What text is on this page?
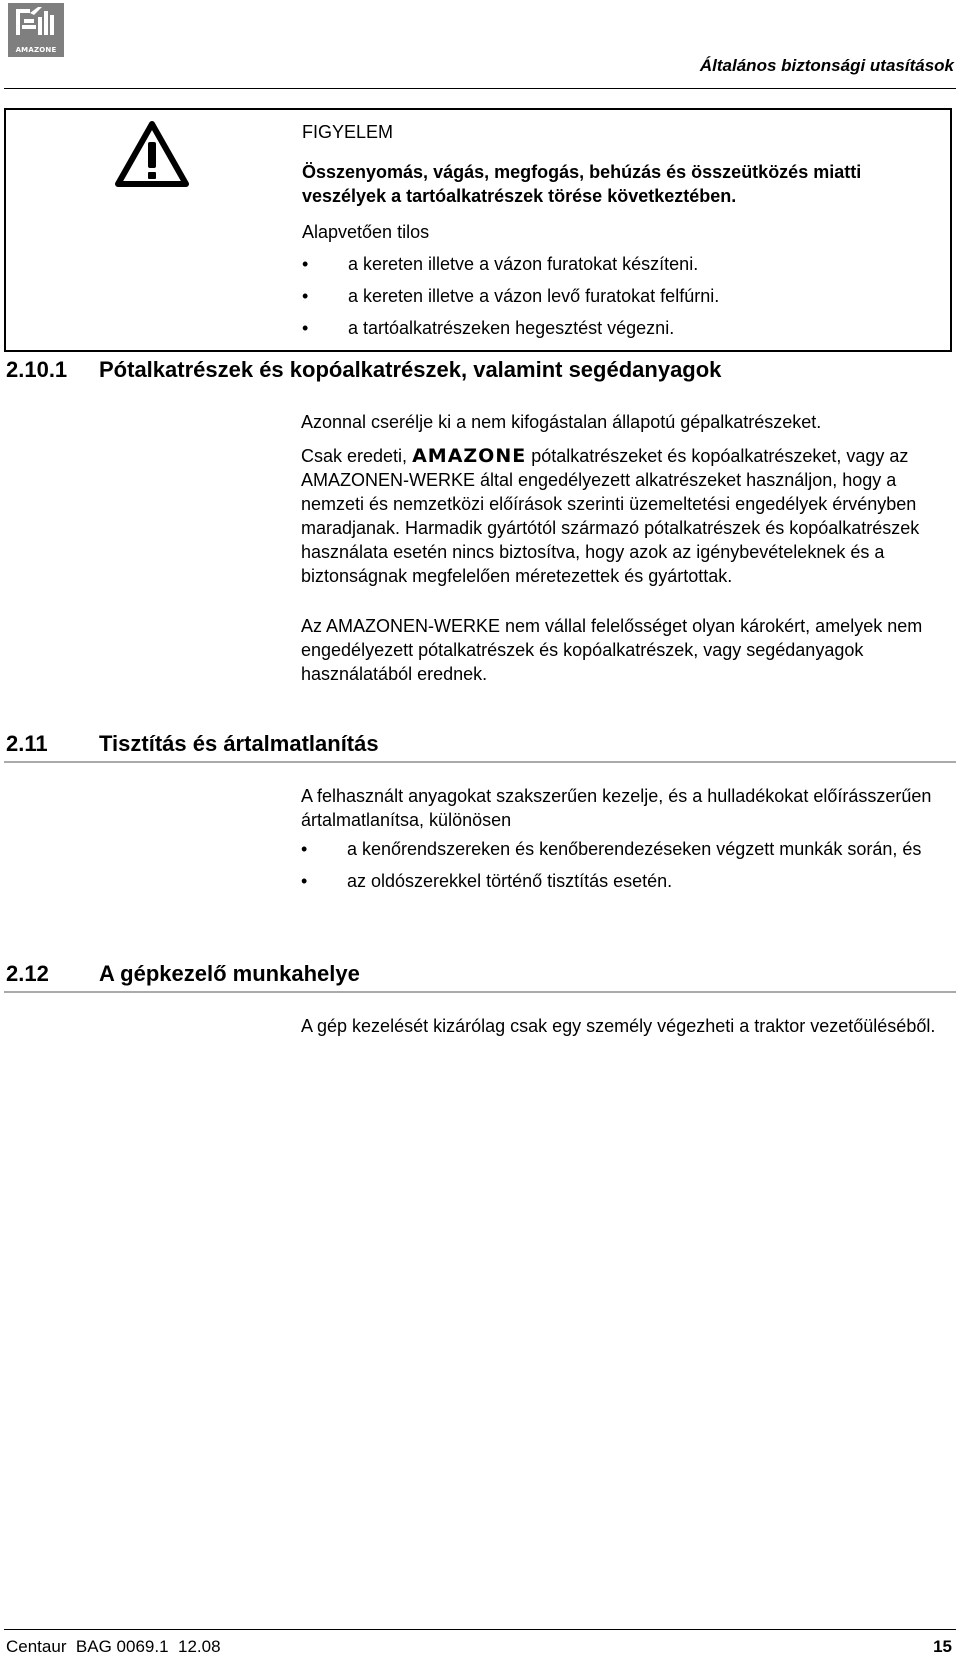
AMAZONE
Általános biztonsági utasítások
FIGYELEM
Összenyomás, vágás, megfogás, behúzás és összeütközés miatti veszélyek a tartóalkatrészek törése következtében.
Alapvetően tilos
• a kereten illetve a vázon furatokat készíteni.
• a kereten illetve a vázon levő furatokat felfúrni.
• a tartóalkatrészeken hegesztést végezni.
2.10.1 Pótalkatrészek és kopóalkatrészek, valamint segédanyagok

Azonnal cserélje ki a nem kifogástalan állapotú gépalkatrészeket.

Csak eredeti, AMAZONE pótalkatrészeket és kopóalkatrészeket, vagy az AMAZONEN-WERKE által engedélyezett alkatrészeket használjon, hogy a nemzeti és nemzetközi előírások szerinti üzemeltetési engedélyek érvényben maradjanak. Harmadik gyártótól származó pótalkatrészek és kopóalkatrészek használata esetén nincs biztosítva, hogy azok az igénybevételeknek és a biztonságnak megfelelően méretezettek és gyártottak.

Az AMAZONEN-WERKE nem vállal felelősséget olyan károkért, amelyek nem engedélyezett pótalkatrészek és kopóalkatrészek, vagy segédanyagok használatából erednek.

2.11 Tisztítás és ártalmatlanítás

A felhasznált anyagokat szakszerűen kezelje, és a hulladékokat előírásszerűen ártalmatlanítsa, különösen

• a kenőrendszereken és kenőberendezéseken végzett munkák során, és
• az oldószerekkel történő tisztítás esetén.
2.12 A gépkezelő munkahelye

A gép kezelését kizárólag csak egy személy végezheti a traktor vezetőüléséből.

Centaur  BAG 0069.1  12.08	15
